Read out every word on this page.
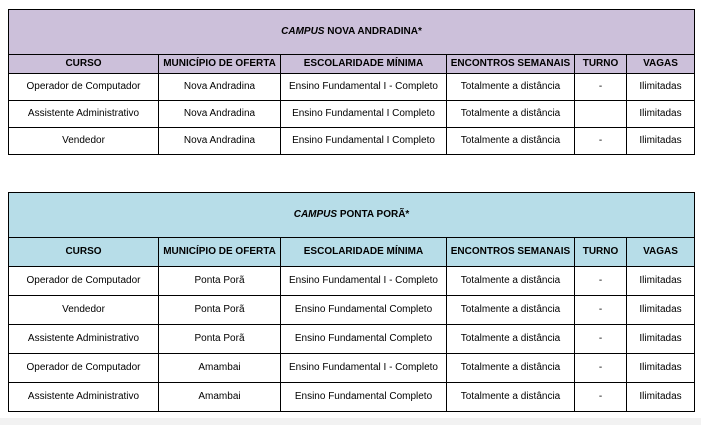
CAMPUS NOVA ANDRADINA*					
CURSO	MUNICÍPIO DE OFERTA	ESCOLARIDADE MÍNIMA	ENCONTROS SEMANAIS	TURNO	VAGAS
Operador de Computador	Nova Andradina	Ensino Fundamental I - Completo	Totalmente a distância	-	Ilimitadas
Assistente Administrativo	Nova Andradina	Ensino Fundamental I Completo	Totalmente a distância		Ilimitadas
Vendedor	Nova Andradina	Ensino Fundamental I Completo	Totalmente a distância	-	Ilimitadas
CAMPUS PONTA PORÃ*					
CURSO	MUNICÍPIO DE OFERTA	ESCOLARIDADE MÍNIMA	ENCONTROS SEMANAIS	TURNO	VAGAS
Operador de Computador	Ponta Porã	Ensino Fundamental I - Completo	Totalmente a distância	-	Ilimitadas
Vendedor	Ponta Porã	Ensino Fundamental Completo	Totalmente a distância	-	Ilimitadas
Assistente Administrativo	Ponta Porã	Ensino Fundamental Completo	Totalmente a distância	-	Ilimitadas
Operador de Computador	Amambai	Ensino Fundamental I - Completo	Totalmente a distância	-	Ilimitadas
Assistente Administrativo	Amambai	Ensino Fundamental Completo	Totalmente a distância	-	Ilimitadas
